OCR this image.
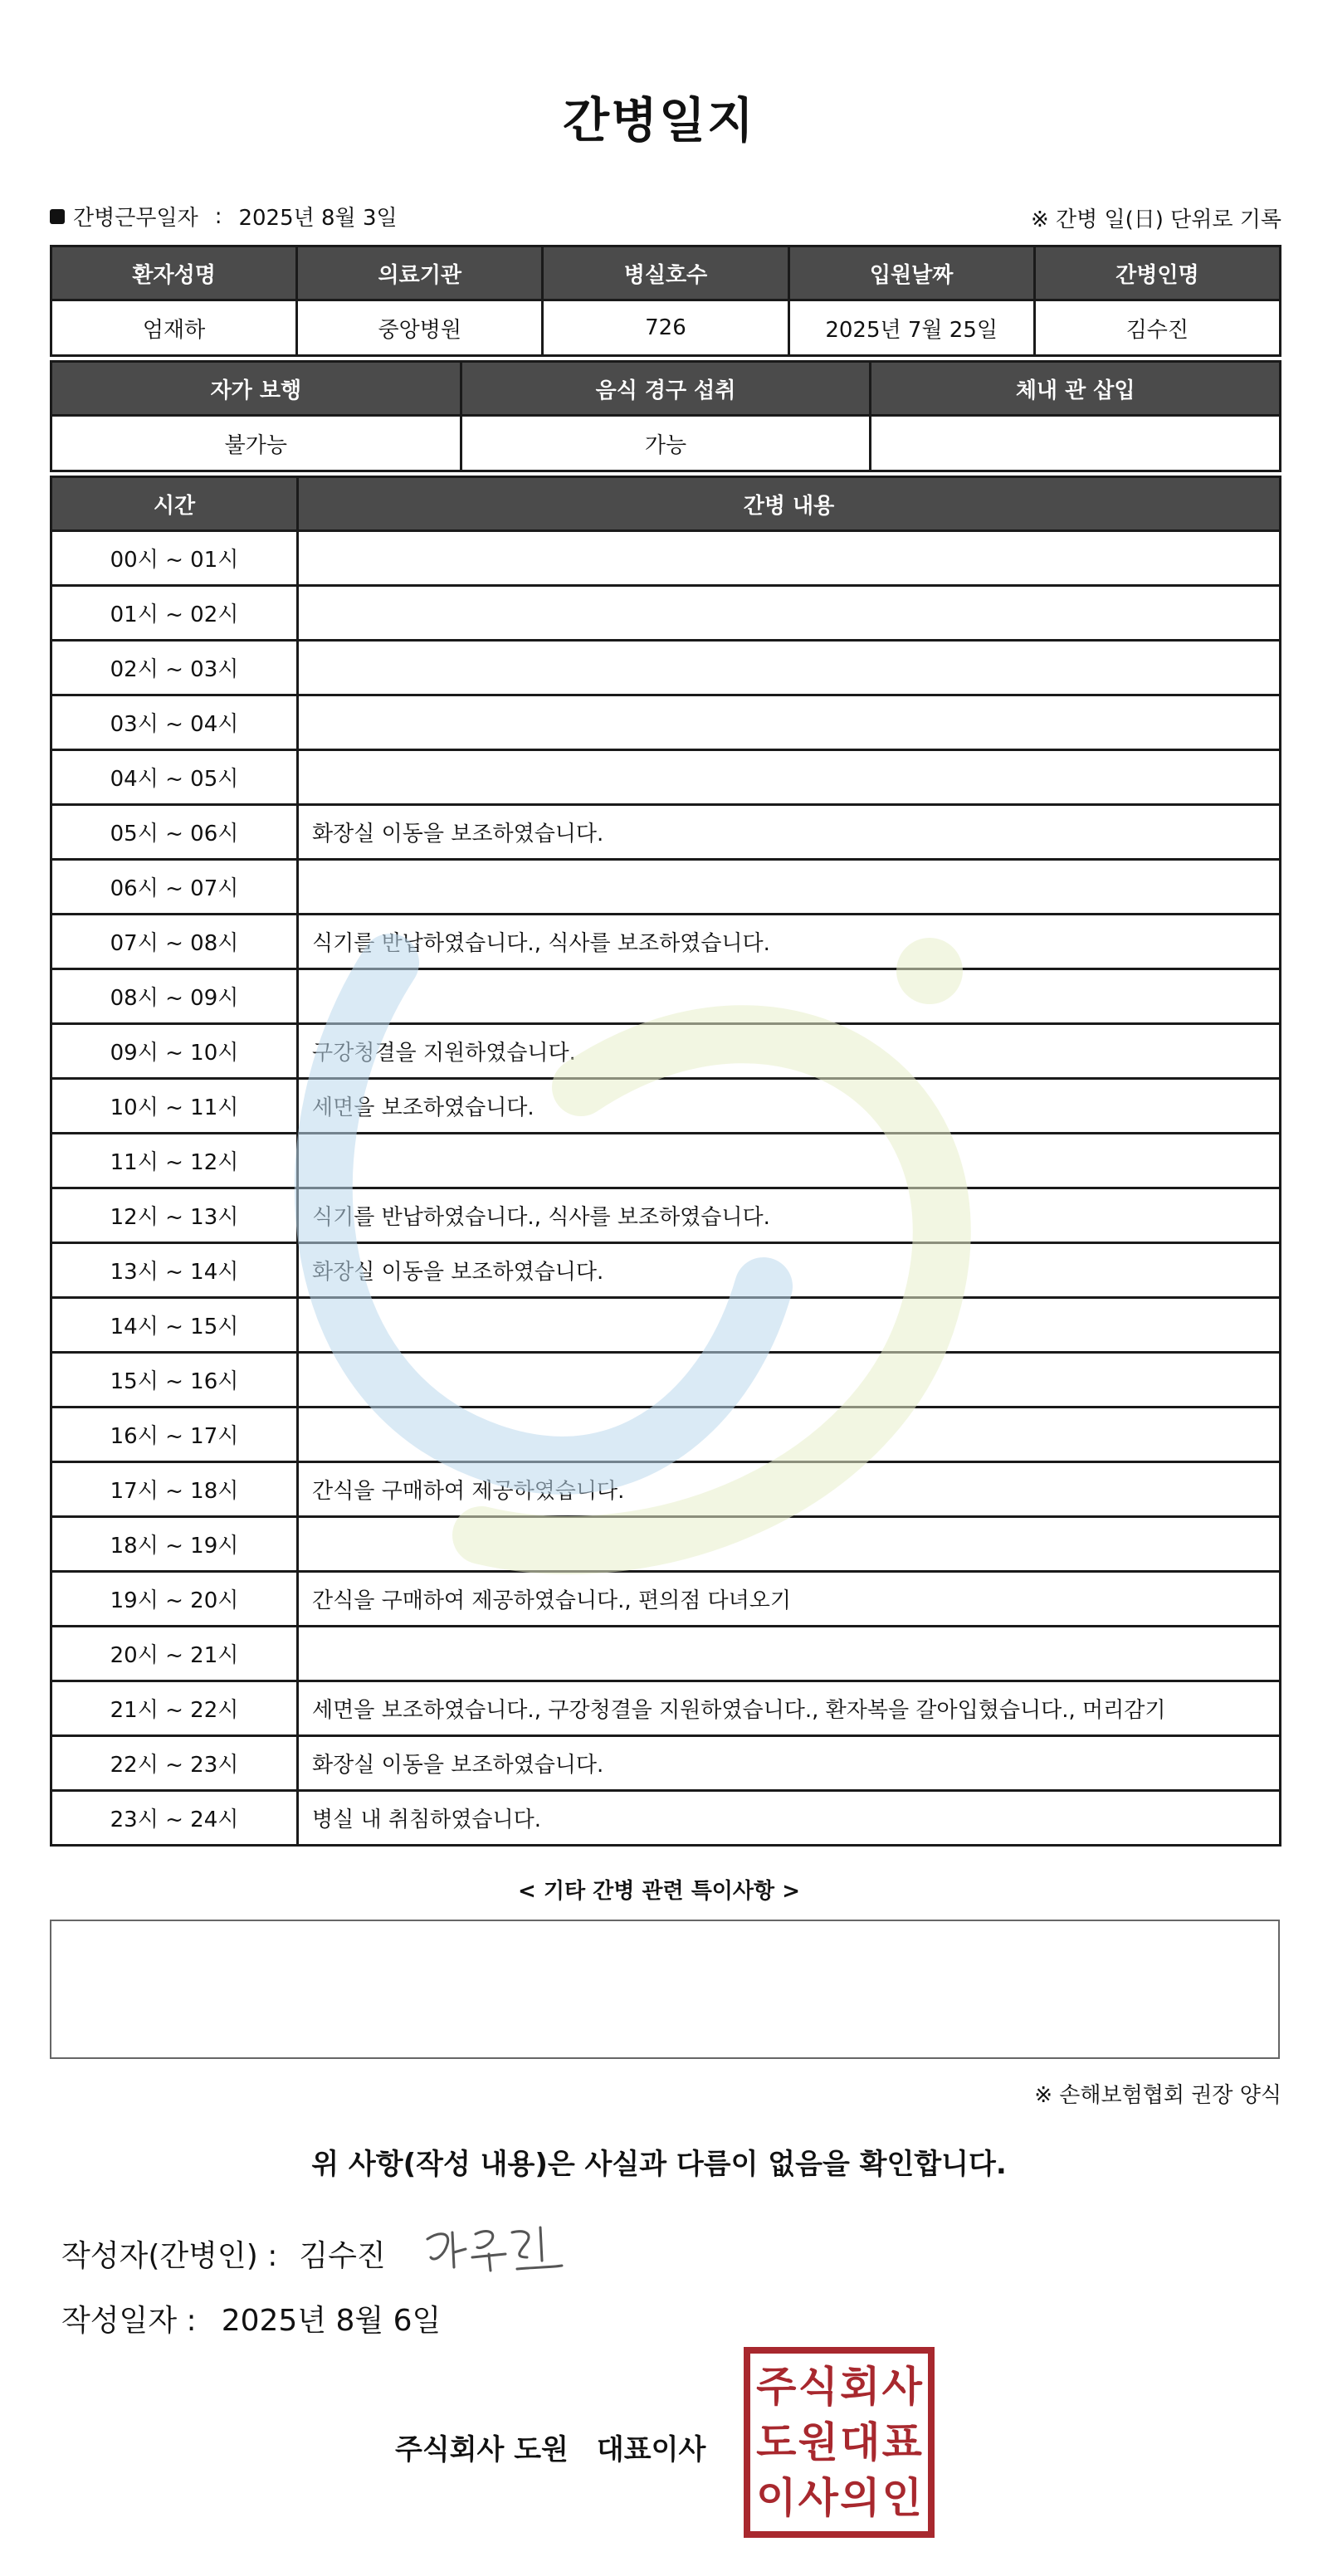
간병일지
간병근무일자 : 2025년 8월 3일	※ 간병 일(日) 단위로 기록
환자성명	의료기관	병실호수	입원날짜	간병인명
엄재하	중앙병원	726	2025년 7월 25일	김수진
자가 보행	음식 경구 섭취	체내 관 삽입
불가능	가능	
시간	간병 내용
00시 ~ 01시	
01시 ~ 02시	
02시 ~ 03시	
03시 ~ 04시	
04시 ~ 05시	
05시 ~ 06시	화장실 이동을 보조하였습니다.
06시 ~ 07시	
07시 ~ 08시	식기를 반납하였습니다., 식사를 보조하였습니다.
08시 ~ 09시	
09시 ~ 10시	구강청결을 지원하였습니다.
10시 ~ 11시	세면을 보조하였습니다.
11시 ~ 12시	
12시 ~ 13시	식기를 반납하였습니다., 식사를 보조하였습니다.
13시 ~ 14시	화장실 이동을 보조하였습니다.
14시 ~ 15시	
15시 ~ 16시	
16시 ~ 17시	
17시 ~ 18시	간식을 구매하여 제공하였습니다.
18시 ~ 19시	
19시 ~ 20시	간식을 구매하여 제공하였습니다., 편의점 다녀오기
20시 ~ 21시	
21시 ~ 22시	세면을 보조하였습니다., 구강청결을 지원하였습니다., 환자복을 갈아입혔습니다., 머리감기
22시 ~ 23시	화장실 이동을 보조하였습니다.
23시 ~ 24시	병실 내 취침하였습니다.
< 기타 간병 관련 특이사항 >
※ 손해보험협회 권장 양식
위 사항(작성 내용)은 사실과 다름이 없음을 확인합니다.
작성자(간병인) : 김수진
작성일자 : 2025년 8월 6일
주식회사 도원 대표이사
주 식 회 사
도 원 대 표
이 사 의 인
